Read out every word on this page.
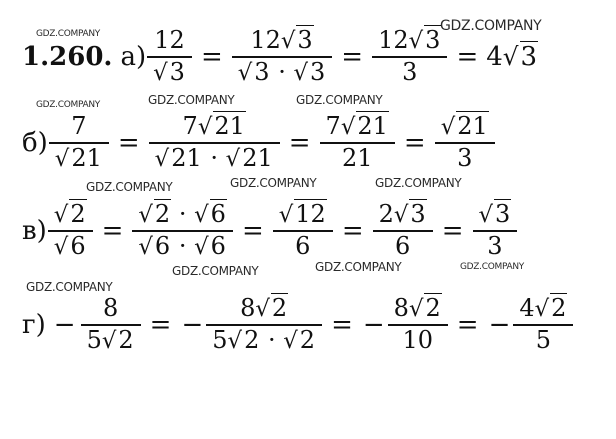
GDZ.COMPANY	GDZ.COMPANY
GDZ.COMPANY	GDZ.COMPANY	GDZ.COMPANY
GDZ.COMPANY	GDZ.COMPANY	GDZ.COMPANY
GDZ.COMPANY	GDZ.COMPANY	GDZ.COMPANY
GDZ.COMPANY
1.260. $а) \frac{12}{√3} = \frac{12√3}{√3 \cdot √3} = \frac{12√3}{3} = 4$ √3
$б) \frac{7}{√21} = \frac{7√21}{√21 \cdot √21} = \frac{7√21}{21} = \frac{√21}{3}$
$в) \frac{√2}{√6} = \frac{√2 \cdot √6}{√6 \cdot √6} = \frac{√12}{6} = \frac{2√3}{6} = \frac{√3}{3}$
$г) - \frac{8}{5√2}$ = − $\frac{8√2}{5√2 \cdot √2}$ = − $\frac{8√2}{10}$ = − $\frac{4√2}{5}$
